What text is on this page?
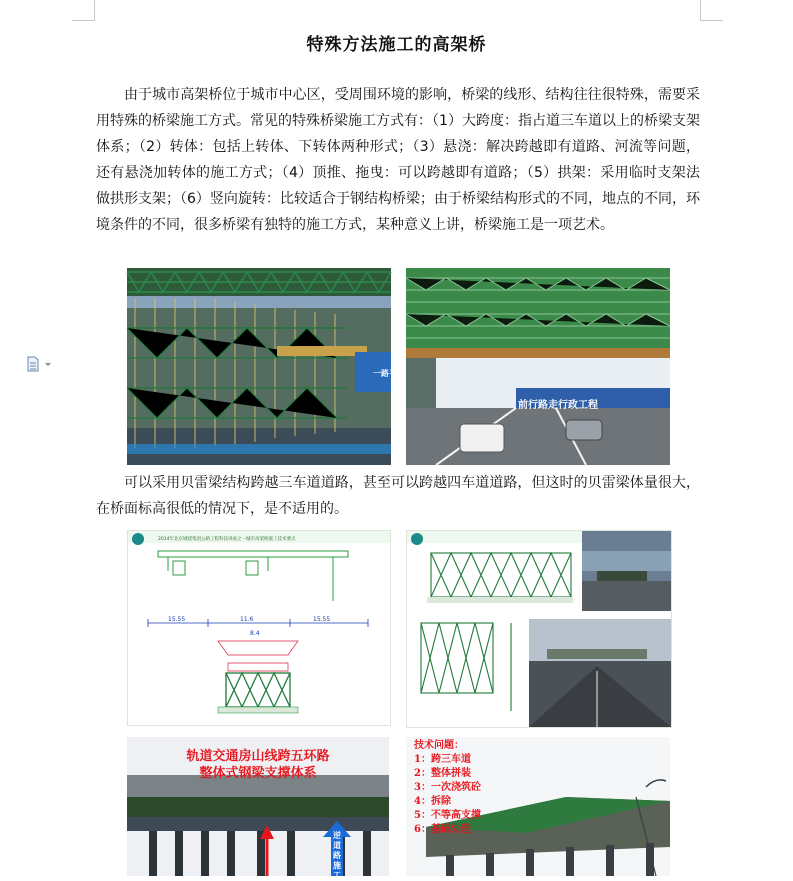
特殊方法施工的高架桥

由于城市高架桥位于城市中心区，受周围环境的影响，桥梁的线形、结构往往很特殊，需要采用特殊的桥梁施工方式。常见的特殊桥梁施工方式有：（1）大跨度：指占道三车道以上的桥梁支架体系；（2）转体：包括上转体、下转体两种形式；（3）悬浇：解决跨越即有道路、河流等问题，还有悬浇加转体的施工方式；（4）顶推、拖曳：可以跨越即有道路；（5）拱架：采用临时支架法做拱形支架；（6）竖向旋转：比较适合于钢结构桥梁；由于桥梁结构形式的不同，地点的不同，环境条件的不同，很多桥梁有独特的施工方式，某种意义上讲，桥梁施工是一项艺术。

一路平
前行路走行政工程

可以采用贝雷梁结构跨越三车道道路，甚至可以跨越四车道道路，但这时的贝雷梁体量很大，在桥面标高很低的情况下，是不适用的。

2014年北京城建集团公路工程科技讲座之一城市高架桥施工技术要点
15.55	11.6	15.55
8.4
轨道交通房山线跨五环路
整体式钢梁支撑体系
逆道路施工
技术问题：
1：跨三车道
2：整体拼装
3：一次浇筑砼
4：拆除
5：不等高支撑
6：基础处理
